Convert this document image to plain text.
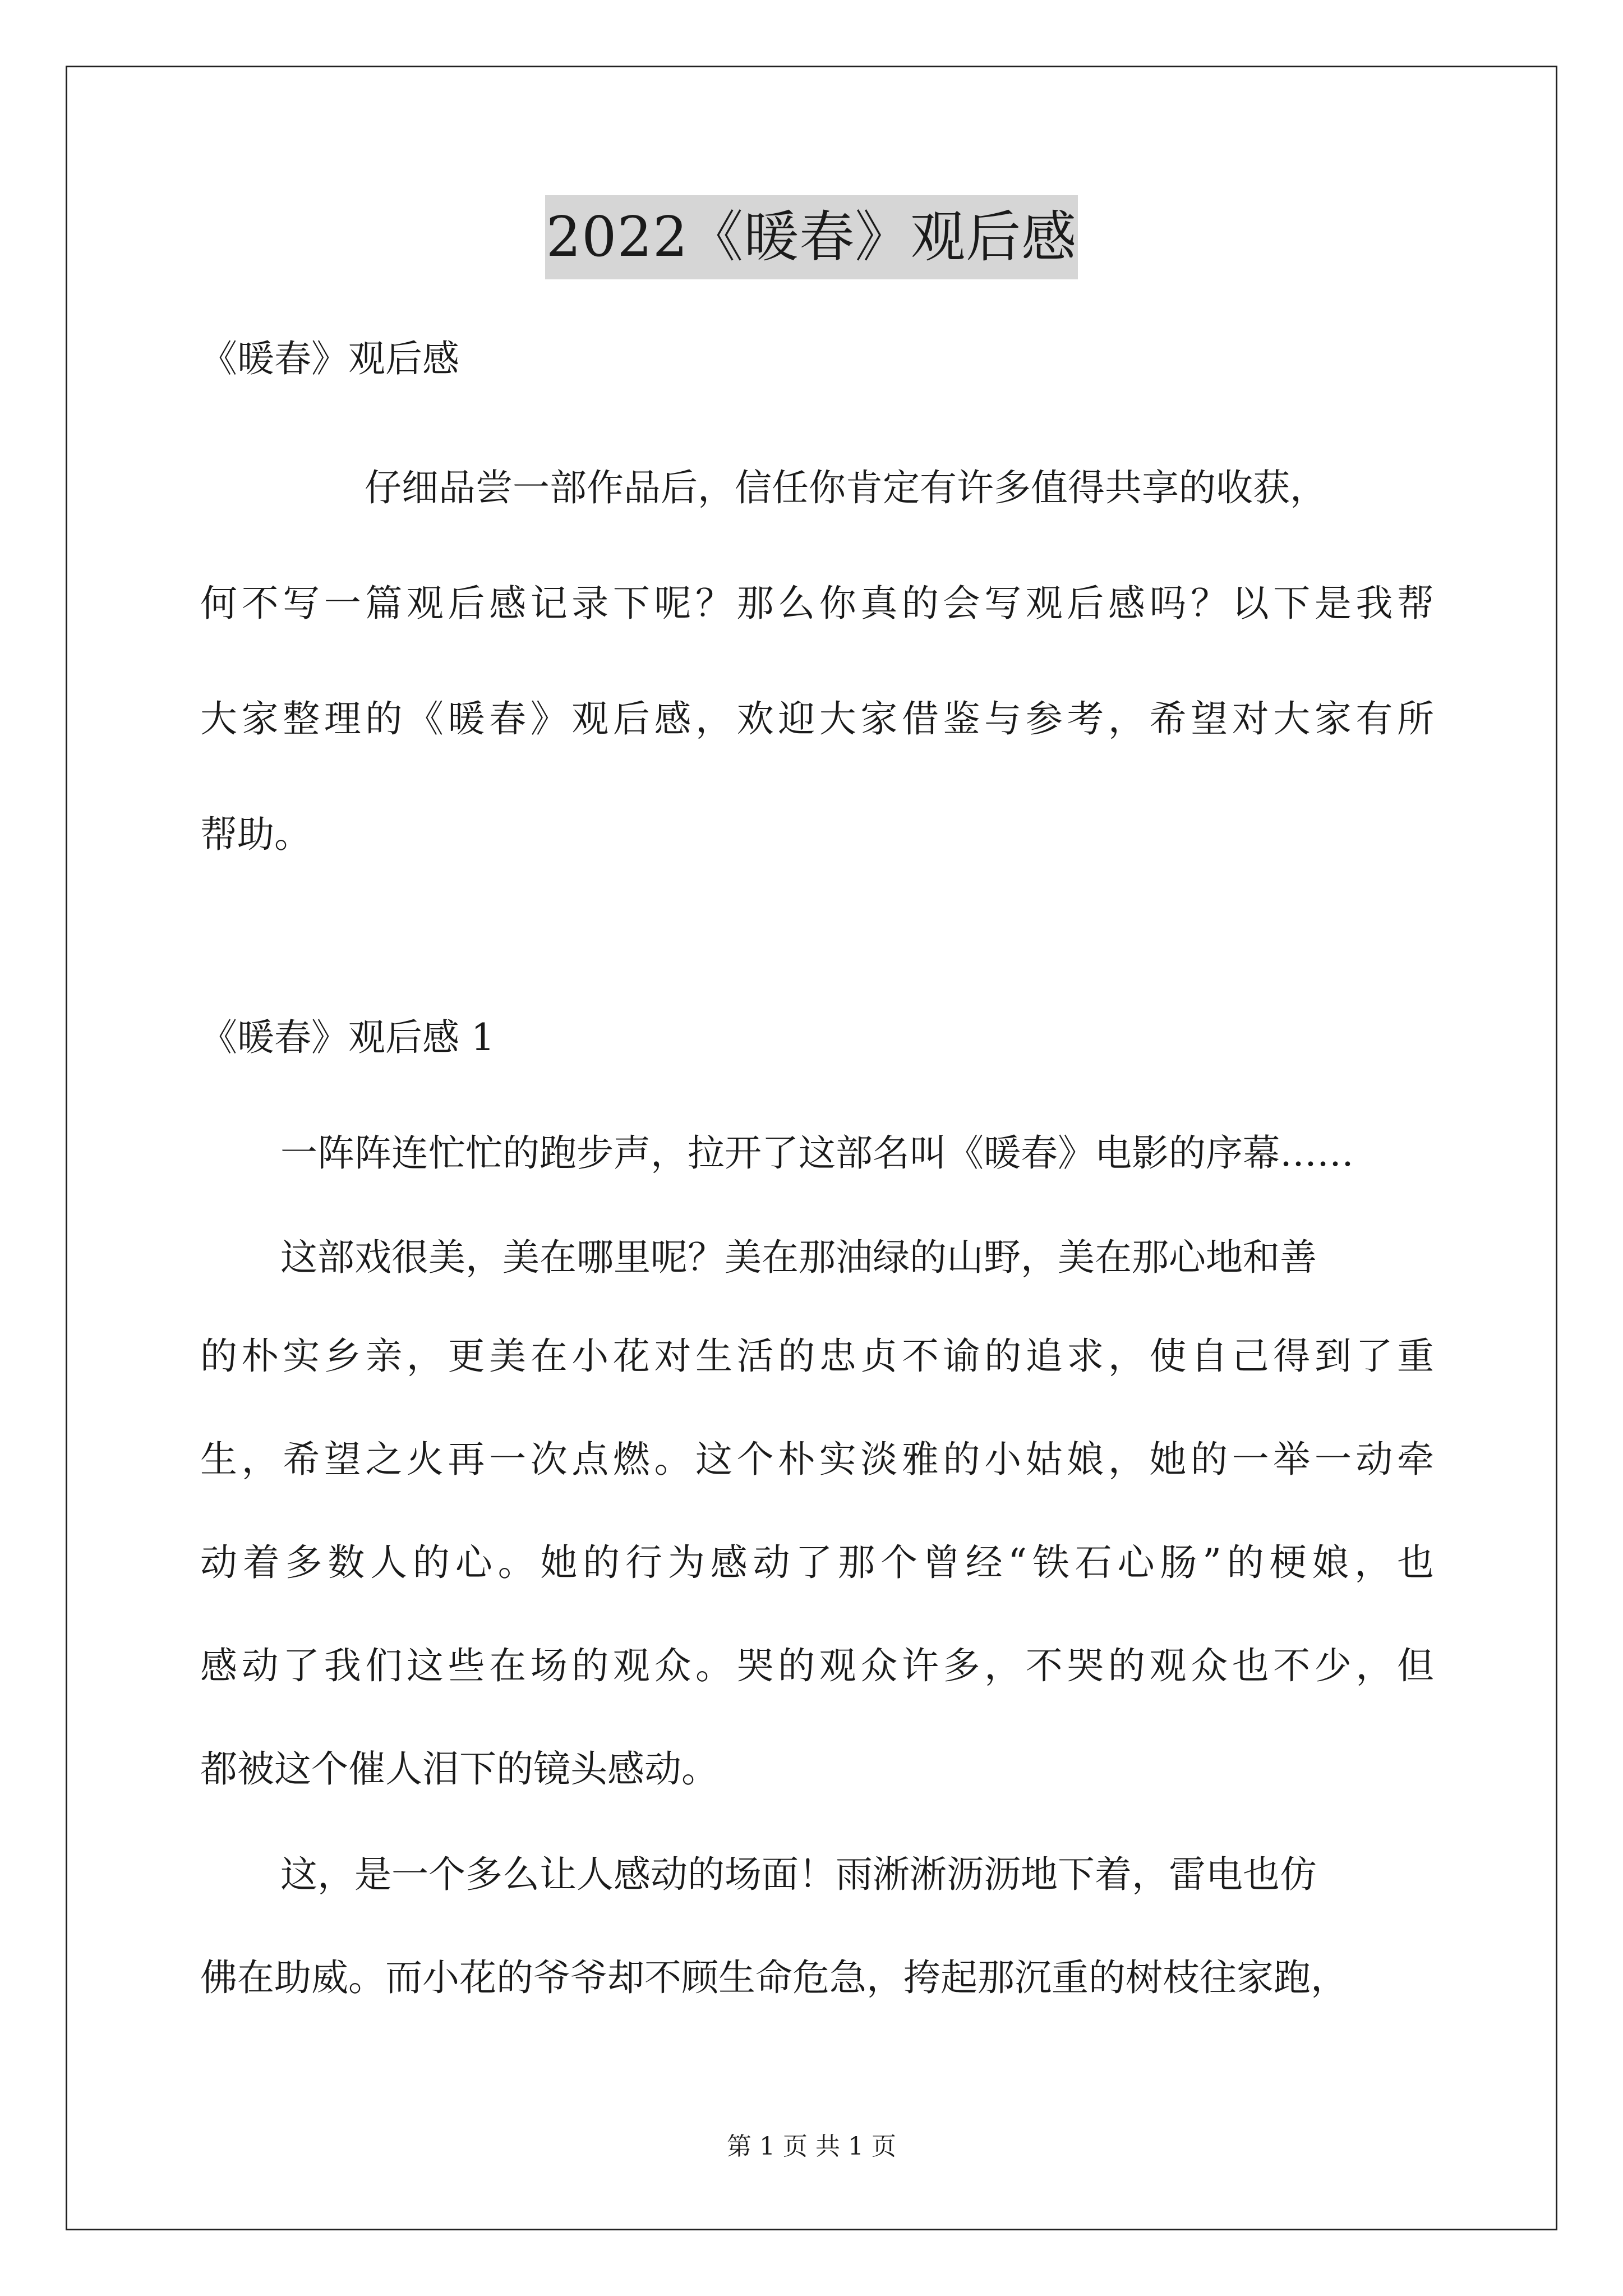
2022《暖春》观后感
《暖春》观后感
仔细品尝一部作品后，信任你肯定有许多值得共享的收获，
何不写一篇观后感记录下呢？那么你真的会写观后感吗？以下是我帮
大家整理的《暖春》观后感，欢迎大家借鉴与参考，希望对大家有所
帮助。
《暖春》观后感 1
一阵阵连忙忙的跑步声，拉开了这部名叫《暖春》电影的序幕……
这部戏很美，美在哪里呢？美在那油绿的山野，美在那心地和善
的朴实乡亲，更美在小花对生活的忠贞不谕的追求，使自己得到了重
生，希望之火再一次点燃。这个朴实淡雅的小姑娘，她的一举一动牵
动着多数人的心。她的行为感动了那个曾经“铁石心肠”的梗娘，也
感动了我们这些在场的观众。哭的观众许多，不哭的观众也不少，但
都被这个催人泪下的镜头感动。
这，是一个多么让人感动的场面！雨淅淅沥沥地下着，雷电也仿
佛在助威。而小花的爷爷却不顾生命危急，挎起那沉重的树枝往家跑，
第 1 页 共 1 页
